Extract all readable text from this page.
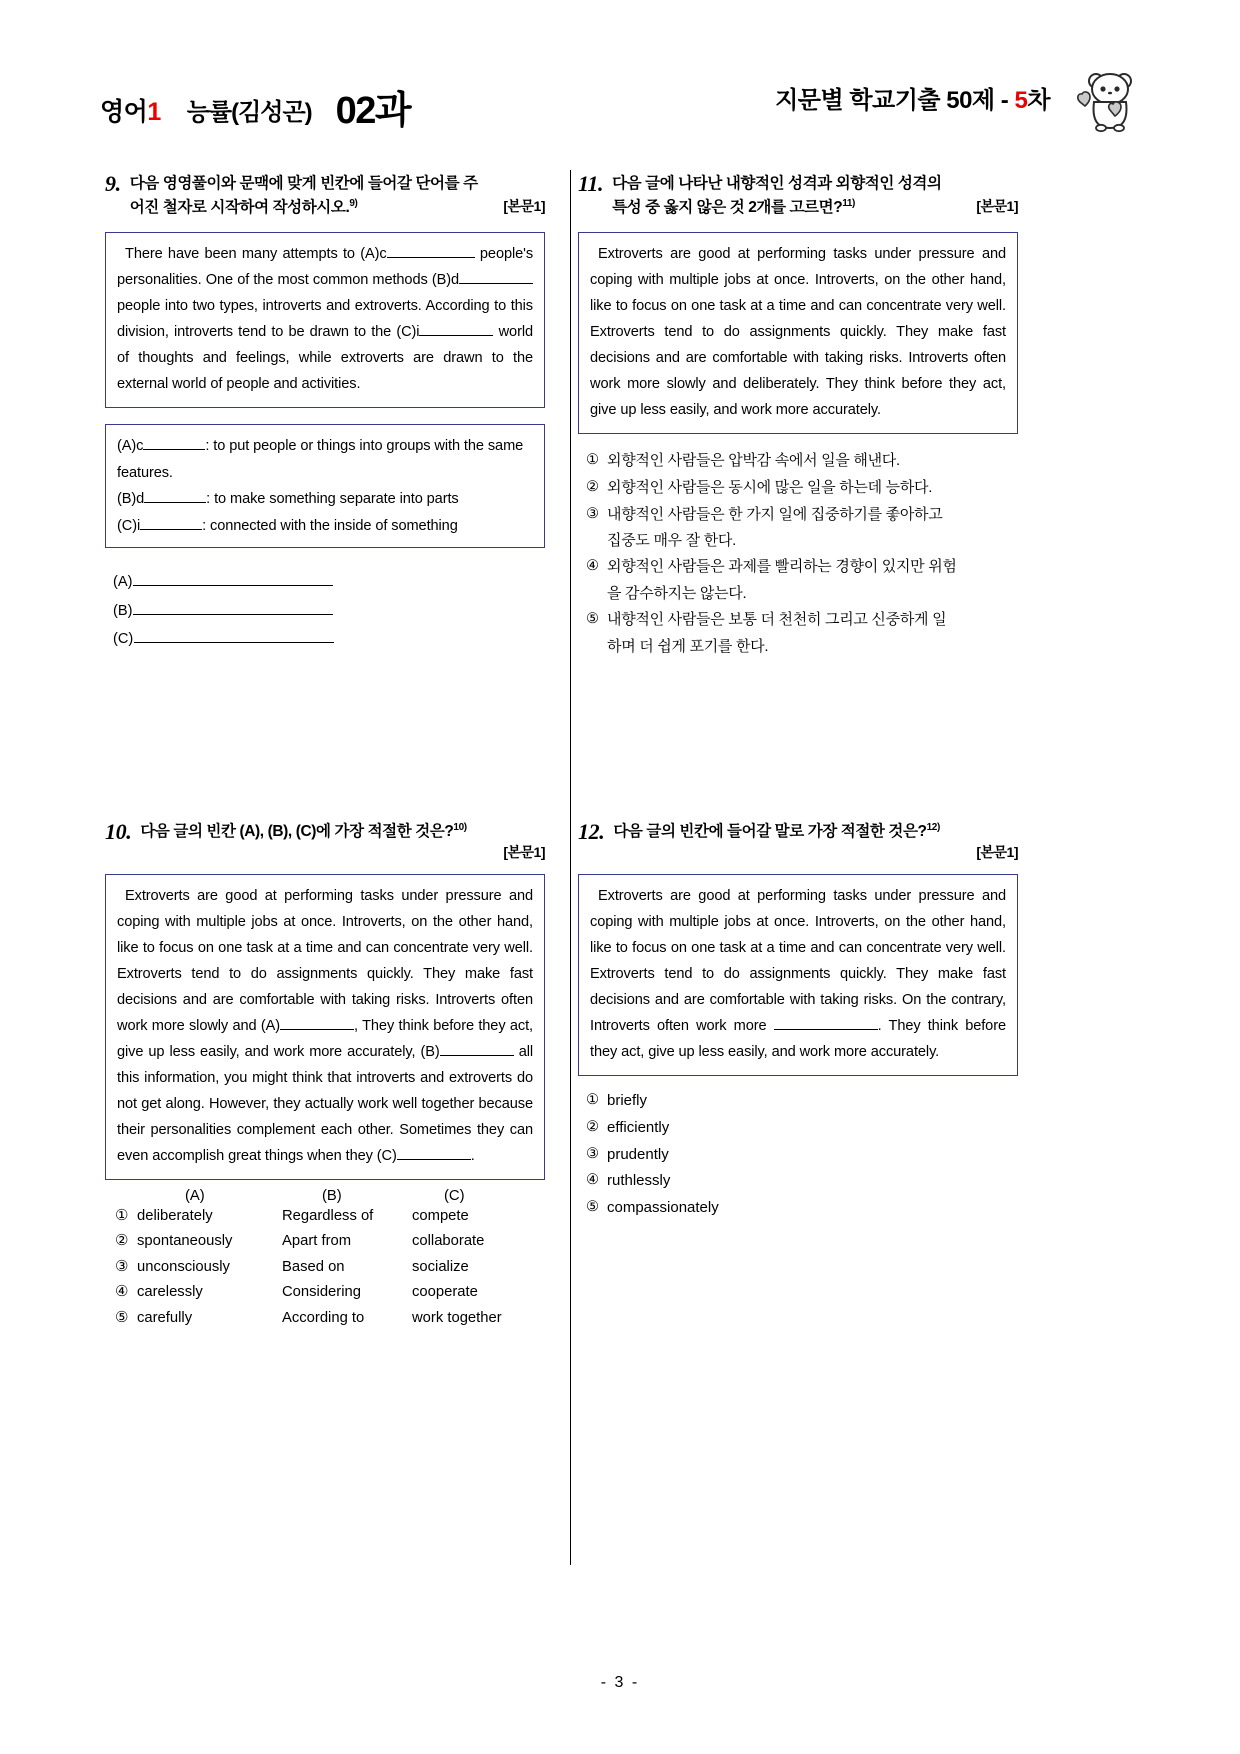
영어1 능률(김성곤) 02과	지문별 학교기출 50제 - 5차
9. 다음 영영풀이와 문맥에 맞게 빈칸에 들어갈 단어를 주
어진 철자로 시작하여 작성하시오.$^{9)}$	[본문1]

There have been many attempts to (A)c	people's personalities. One of the most common methods (B)d people into two types, introverts and extroverts. According to this division, introverts tend to be drawn to the (C)i	world of thoughts and feelings, while extroverts are drawn to the external world of people and activities.

(A)c	: to put people or things into groups with the same features.
(B)d	: to make something separate into parts
(C)i	: connected with the inside of something
(A)
(B)
(C)
11. 다음 글에 나타난 내향적인 성격과 외향적인 성격의
특성 중 옳지 않은 것 2개를 고르면?$^{11)}$	[본문1]

Extroverts are good at performing tasks under pressure and coping with multiple jobs at once. Introverts, on the other hand, like to focus on one task at a time and can concentrate very well. Extroverts tend to do assignments quickly. They make fast decisions and are comfortable with taking risks. Introverts often work more slowly and deliberately. They think before they act, give up less easily, and work more accurately.

① 외향적인 사람들은 압박감 속에서 일을 해낸다.
② 외향적인 사람들은 동시에 많은 일을 하는데 능하다.
③ 내향적인 사람들은 한 가지 일에 집중하기를 좋아하고
집중도 매우 잘 한다.
④ 외향적인 사람들은 과제를 빨리하는 경향이 있지만 위험
을 감수하지는 않는다.
⑤ 내향적인 사람들은 보통 더 천천히 그리고 신중하게 일
하며 더 쉽게 포기를 한다.
10. 다음 글의 빈칸 (A), (B), (C)에 가장 적절한 것은?$^{10)}$
[본문1]

Extroverts are good at performing tasks under pressure and coping with multiple jobs at once. Introverts, on the other hand, like to focus on one task at a time and can concentrate very well. Extroverts tend to do assignments quickly. They make fast decisions and are comfortable with taking risks. Introverts often work more slowly and (A)	, They think before they act, give up less easily, and work more accurately, (B)	all this information, you might think that introverts and extroverts do not get along. However, they actually work well together because their personalities complement each other. Sometimes they can even accomplish great things when they (C)	.

(A)	(B)	(C)
① deliberately	Regardless of	compete
② spontaneously	Apart from	collaborate
③ unconsciously	Based on	socialize
④ carelessly	Considering	cooperate
⑤ carefully	According to	work together
12. 다음 글의 빈칸에 들어갈 말로 가장 적절한 것은?$^{12)}$
[본문1]

Extroverts are good at performing tasks under pressure and coping with multiple jobs at once. Introverts, on the other hand, like to focus on one task at a time and can concentrate very well. Extroverts tend to do assignments quickly. They make fast decisions and are comfortable with taking risks. On the contrary, Introverts often work more	. They think before they act, give up less easily, and work more accurately.

① briefly
② efficiently
③ prudently
④ ruthlessly
⑤ compassionately
- 3 -
